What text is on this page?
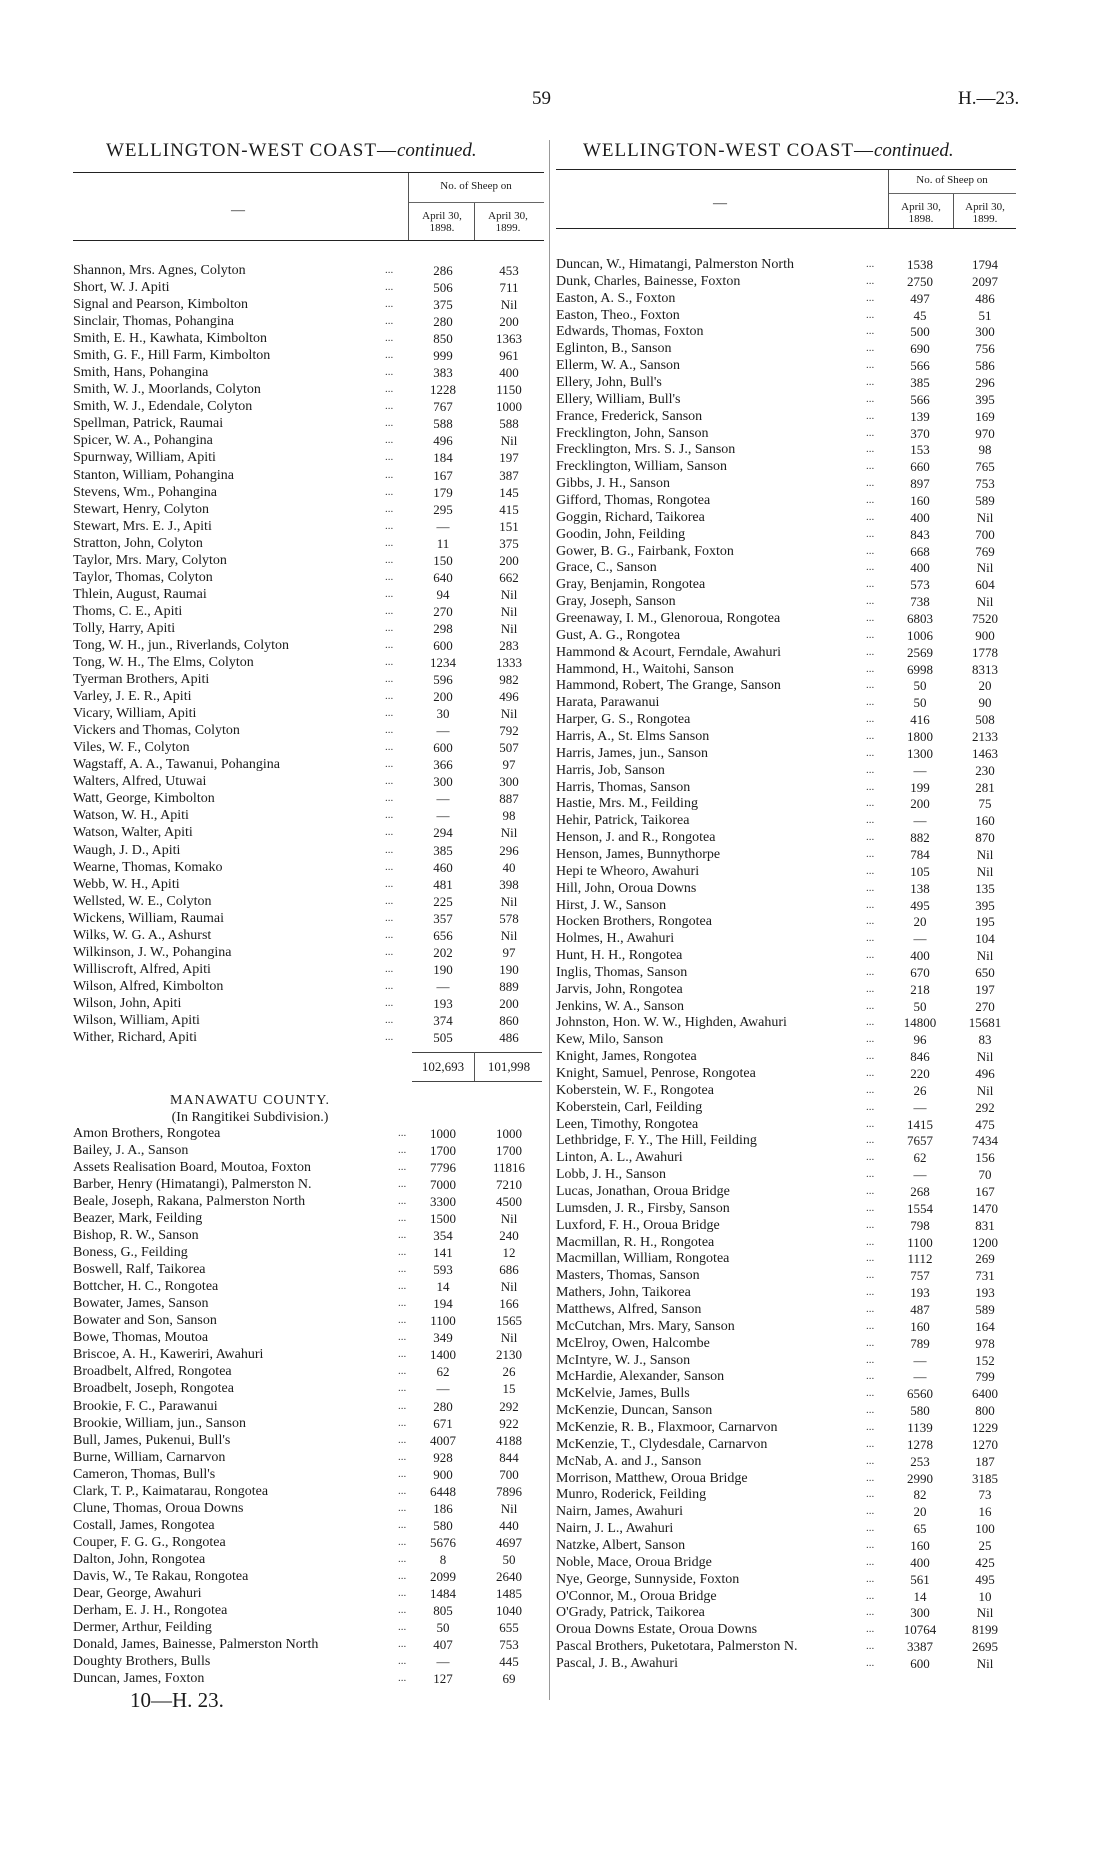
59	H.—23.
WELLINGTON-WEST COAST—continued.
—
No. of Sheep on
April 30, 1898.
April 30, 1899.
Shannon, Mrs. Agnes, Colyton	...	286	453
Short, W. J. Apiti	...	506	711
Signal and Pearson, Kimbolton	...	375	Nil
Sinclair, Thomas, Pohangina	...	280	200
Smith, E. H., Kawhata, Kimbolton	...	850	1363
Smith, G. F., Hill Farm, Kimbolton	...	999	961
Smith, Hans, Pohangina	...	383	400
Smith, W. J., Moorlands, Colyton	...	1228	1150
Smith, W. J., Edendale, Colyton	...	767	1000
Spellman, Patrick, Raumai	...	588	588
Spicer, W. A., Pohangina	...	496	Nil
Spurnway, William, Apiti	...	184	197
Stanton, William, Pohangina	...	167	387
Stevens, Wm., Pohangina	...	179	145
Stewart, Henry, Colyton	...	295	415
Stewart, Mrs. E. J., Apiti	...	—	151
Stratton, John, Colyton	...	11	375
Taylor, Mrs. Mary, Colyton	...	150	200
Taylor, Thomas, Colyton	...	640	662
Thlein, August, Raumai	...	94	Nil
Thoms, C. E., Apiti	...	270	Nil
Tolly, Harry, Apiti	...	298	Nil
Tong, W. H., jun., Riverlands, Colyton	...	600	283
Tong, W. H., The Elms, Colyton	...	1234	1333
Tyerman Brothers, Apiti	...	596	982
Varley, J. E. R., Apiti	...	200	496
Vicary, William, Apiti	...	30	Nil
Vickers and Thomas, Colyton	...	—	792
Viles, W. F., Colyton	...	600	507
Wagstaff, A. A., Tawanui, Pohangina	...	366	97
Walters, Alfred, Utuwai	...	300	300
Watt, George, Kimbolton	...	—	887
Watson, W. H., Apiti	...	—	98
Watson, Walter, Apiti	...	294	Nil
Waugh, J. D., Apiti	...	385	296
Wearne, Thomas, Komako	...	460	40
Webb, W. H., Apiti	...	481	398
Wellsted, W. E., Colyton	...	225	Nil
Wickens, William, Raumai	...	357	578
Wilks, W. G. A., Ashurst	...	656	Nil
Wilkinson, J. W., Pohangina	...	202	97
Williscroft, Alfred, Apiti	...	190	190
Wilson, Alfred, Kimbolton	...	—	889
Wilson, John, Apiti	...	193	200
Wilson, William, Apiti	...	374	860
Wither, Richard, Apiti	...	505	486
102,693	101,998
MANAWATU COUNTY.
(In Rangitikei Subdivision.)
Amon Brothers, Rongotea	...	1000	1000
Bailey, J. A., Sanson	...	1700	1700
Assets Realisation Board, Moutoa, Foxton	...	7796	11816
Barber, Henry (Himatangi), Palmerston N.	...	7000	7210
Beale, Joseph, Rakana, Palmerston North	...	3300	4500
Beazer, Mark, Feilding	...	1500	Nil
Bishop, R. W., Sanson	...	354	240
Boness, G., Feilding	...	141	12
Boswell, Ralf, Taikorea	...	593	686
Bottcher, H. C., Rongotea	...	14	Nil
Bowater, James, Sanson	...	194	166
Bowater and Son, Sanson	...	1100	1565
Bowe, Thomas, Moutoa	...	349	Nil
Briscoe, A. H., Kaweriri, Awahuri	...	1400	2130
Broadbelt, Alfred, Rongotea	...	62	26
Broadbelt, Joseph, Rongotea	...	—	15
Brookie, F. C., Parawanui	...	280	292
Brookie, William, jun., Sanson	...	671	922
Bull, James, Pukenui, Bull's	...	4007	4188
Burne, William, Carnarvon	...	928	844
Cameron, Thomas, Bull's	...	900	700
Clark, T. P., Kaimatarau, Rongotea	...	6448	7896
Clune, Thomas, Oroua Downs	...	186	Nil
Costall, James, Rongotea	...	580	440
Couper, F. G. G., Rongotea	...	5676	4697
Dalton, John, Rongotea	...	8	50
Davis, W., Te Rakau, Rongotea	...	2099	2640
Dear, George, Awahuri	...	1484	1485
Derham, E. J. H., Rongotea	...	805	1040
Dermer, Arthur, Feilding	...	50	655
Donald, James, Bainesse, Palmerston North	...	407	753
Doughty Brothers, Bulls	...	—	445
Duncan, James, Foxton	...	127	69
10—H. 23.
WELLINGTON-WEST COAST—continued.
—
No. of Sheep on
April 30, 1898.
April 30, 1899.
Duncan, W., Himatangi, Palmerston North	...	1538	1794
Dunk, Charles, Bainesse, Foxton	...	2750	2097
Easton, A. S., Foxton	...	497	486
Easton, Theo., Foxton	...	45	51
Edwards, Thomas, Foxton	...	500	300
Eglinton, B., Sanson	...	690	756
Ellerm, W. A., Sanson	...	566	586
Ellery, John, Bull's	...	385	296
Ellery, William, Bull's	...	566	395
France, Frederick, Sanson	...	139	169
Frecklington, John, Sanson	...	370	970
Frecklington, Mrs. S. J., Sanson	...	153	98
Frecklington, William, Sanson	...	660	765
Gibbs, J. H., Sanson	...	897	753
Gifford, Thomas, Rongotea	...	160	589
Goggin, Richard, Taikorea	...	400	Nil
Goodin, John, Feilding	...	843	700
Gower, B. G., Fairbank, Foxton	...	668	769
Grace, C., Sanson	...	400	Nil
Gray, Benjamin, Rongotea	...	573	604
Gray, Joseph, Sanson	...	738	Nil
Greenaway, I. M., Glenoroua, Rongotea	...	6803	7520
Gust, A. G., Rongotea	...	1006	900
Hammond & Acourt, Ferndale, Awahuri	...	2569	1778
Hammond, H., Waitohi, Sanson	...	6998	8313
Hammond, Robert, The Grange, Sanson	...	50	20
Harata, Parawanui	...	50	90
Harper, G. S., Rongotea	...	416	508
Harris, A., St. Elms Sanson	...	1800	2133
Harris, James, jun., Sanson	...	1300	1463
Harris, Job, Sanson	...	—	230
Harris, Thomas, Sanson	...	199	281
Hastie, Mrs. M., Feilding	...	200	75
Hehir, Patrick, Taikorea	...	—	160
Henson, J. and R., Rongotea	...	882	870
Henson, James, Bunnythorpe	...	784	Nil
Hepi te Wheoro, Awahuri	...	105	Nil
Hill, John, Oroua Downs	...	138	135
Hirst, J. W., Sanson	...	495	395
Hocken Brothers, Rongotea	...	20	195
Holmes, H., Awahuri	...	—	104
Hunt, H. H., Rongotea	...	400	Nil
Inglis, Thomas, Sanson	...	670	650
Jarvis, John, Rongotea	...	218	197
Jenkins, W. A., Sanson	...	50	270
Johnston, Hon. W. W., Highden, Awahuri	...	14800	15681
Kew, Milo, Sanson	...	96	83
Knight, James, Rongotea	...	846	Nil
Knight, Samuel, Penrose, Rongotea	...	220	496
Koberstein, W. F., Rongotea	...	26	Nil
Koberstein, Carl, Feilding	...	—	292
Leen, Timothy, Rongotea	...	1415	475
Lethbridge, F. Y., The Hill, Feilding	...	7657	7434
Linton, A. L., Awahuri	...	62	156
Lobb, J. H., Sanson	...	—	70
Lucas, Jonathan, Oroua Bridge	...	268	167
Lumsden, J. R., Firsby, Sanson	...	1554	1470
Luxford, F. H., Oroua Bridge	...	798	831
Macmillan, R. H., Rongotea	...	1100	1200
Macmillan, William, Rongotea	...	1112	269
Masters, Thomas, Sanson	...	757	731
Mathers, John, Taikorea	...	193	193
Matthews, Alfred, Sanson	...	487	589
McCutchan, Mrs. Mary, Sanson	...	160	164
McElroy, Owen, Halcombe	...	789	978
McIntyre, W. J., Sanson	...	—	152
McHardie, Alexander, Sanson	...	—	799
McKelvie, James, Bulls	...	6560	6400
McKenzie, Duncan, Sanson	...	580	800
McKenzie, R. B., Flaxmoor, Carnarvon	...	1139	1229
McKenzie, T., Clydesdale, Carnarvon	...	1278	1270
McNab, A. and J., Sanson	...	253	187
Morrison, Matthew, Oroua Bridge	...	2990	3185
Munro, Roderick, Feilding	...	82	73
Nairn, James, Awahuri	...	20	16
Nairn, J. L., Awahuri	...	65	100
Natzke, Albert, Sanson	...	160	25
Noble, Mace, Oroua Bridge	...	400	425
Nye, George, Sunnyside, Foxton	...	561	495
O'Connor, M., Oroua Bridge	...	14	10
O'Grady, Patrick, Taikorea	...	300	Nil
Oroua Downs Estate, Oroua Downs	...	10764	8199
Pascal Brothers, Puketotara, Palmerston N.	...	3387	2695
Pascal, J. B., Awahuri	...	600	Nil
